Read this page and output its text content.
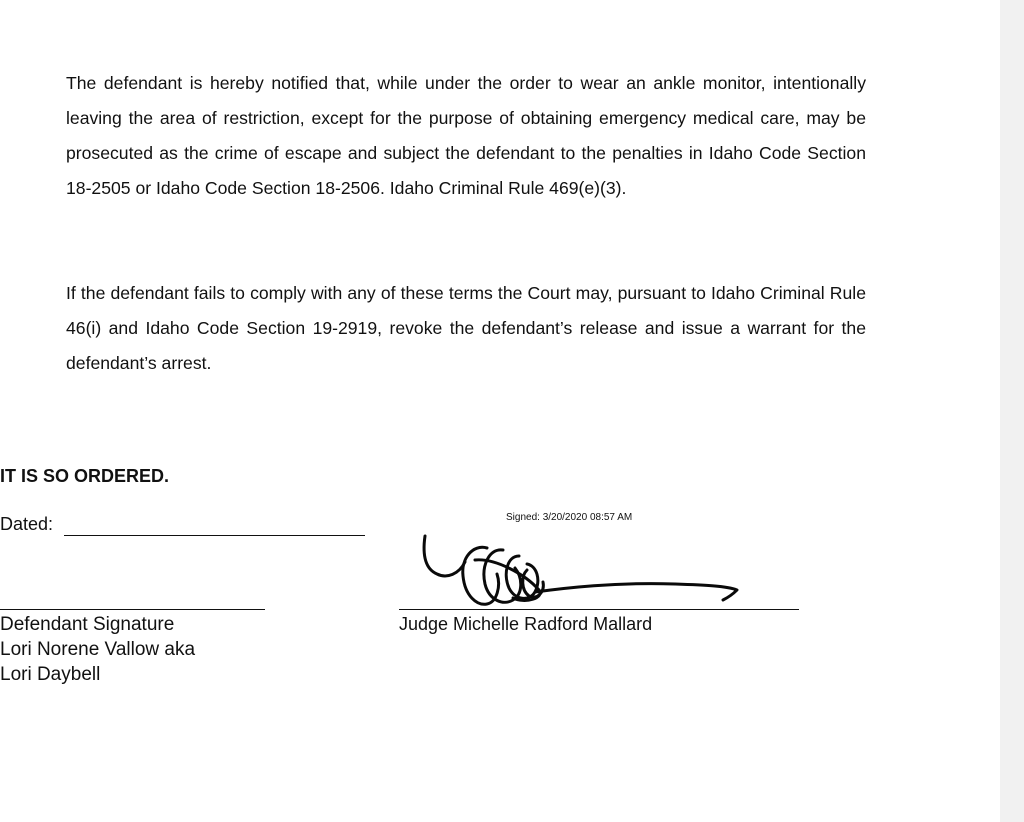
The defendant is hereby notified that, while under the order to wear an ankle monitor, intentionally leaving the area of restriction, except for the purpose of obtaining emergency medical care, may be prosecuted as the crime of escape and subject the defendant to the penalties in Idaho Code Section 18-2505 or Idaho Code Section 18-2506. Idaho Criminal Rule 469(e)(3).

If the defendant fails to comply with any of these terms the Court may, pursuant to Idaho Criminal Rule 46(i) and Idaho Code Section 19-2919, revoke the defendant’s release and issue a warrant for the defendant’s arrest.

IT IS SO ORDERED.

Dated:	Signed: 3/20/2020 08:57 AM
Defendant Signature
Lori Norene Vallow aka
Lori Daybell
Judge Michelle Radford Mallard
